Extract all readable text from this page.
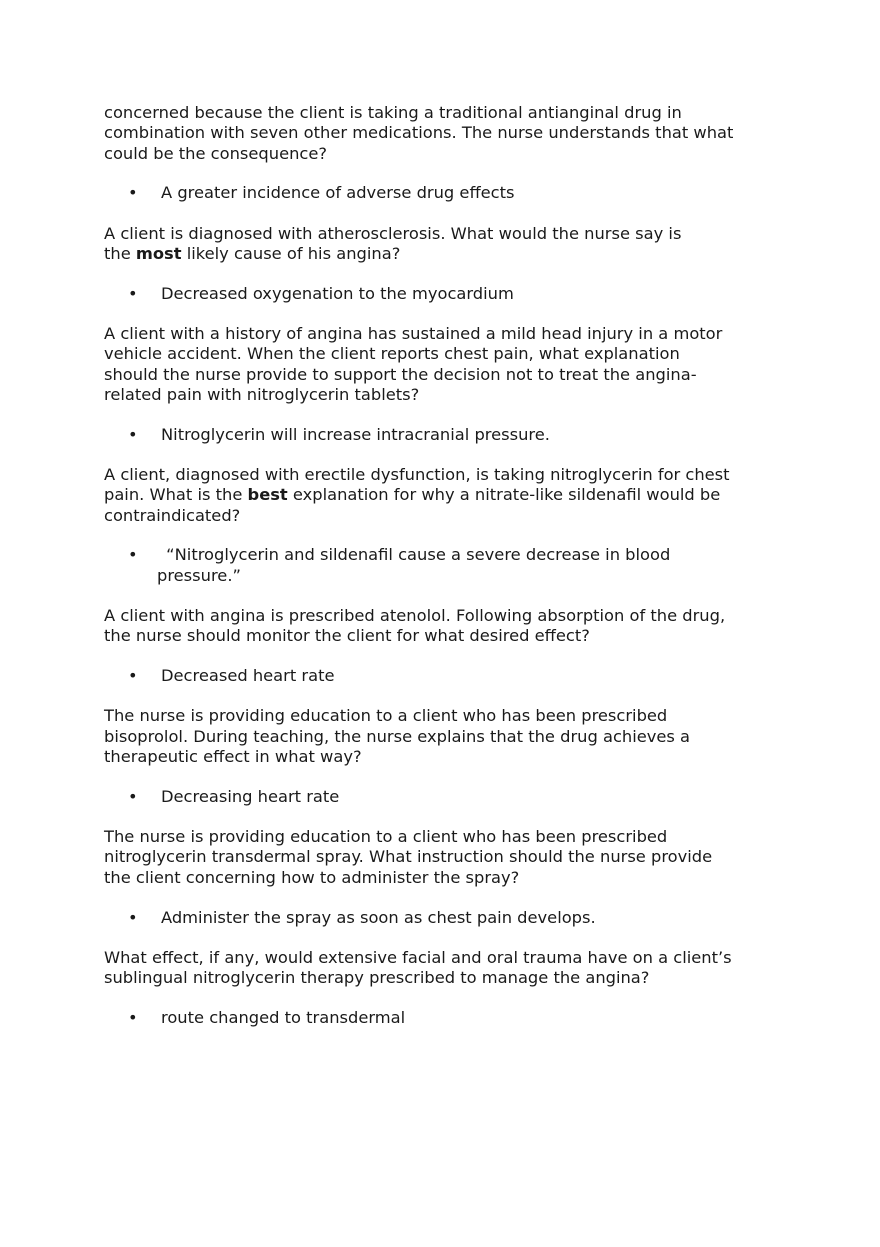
concerned because the client is taking a traditional antianginal drug in
combination with seven other medications. The nurse understands that what
could be the consequence?

• A greater incidence of adverse drug effects

A client is diagnosed with atherosclerosis. What would the nurse say is
the most likely cause of his angina?

• Decreased oxygenation to the myocardium

A client with a history of angina has sustained a mild head injury in a motor
vehicle accident. When the client reports chest pain, what explanation
should the nurse provide to support the decision not to treat the angina-
related pain with nitroglycerin tablets?

• Nitroglycerin will increase intracranial pressure.

A client, diagnosed with erectile dysfunction, is taking nitroglycerin for chest
pain. What is the best explanation for why a nitrate-like sildenafil would be
contraindicated?

• “Nitroglycerin and sildenafil cause a severe decrease in blood
pressure.”

A client with angina is prescribed atenolol. Following absorption of the drug,
the nurse should monitor the client for what desired effect?

• Decreased heart rate

The nurse is providing education to a client who has been prescribed
bisoprolol. During teaching, the nurse explains that the drug achieves a
therapeutic effect in what way?

• Decreasing heart rate

The nurse is providing education to a client who has been prescribed
nitroglycerin transdermal spray. What instruction should the nurse provide
the client concerning how to administer the spray?

• Administer the spray as soon as chest pain develops.

What effect, if any, would extensive facial and oral trauma have on a client’s
sublingual nitroglycerin therapy prescribed to manage the angina?

• route changed to transdermal
